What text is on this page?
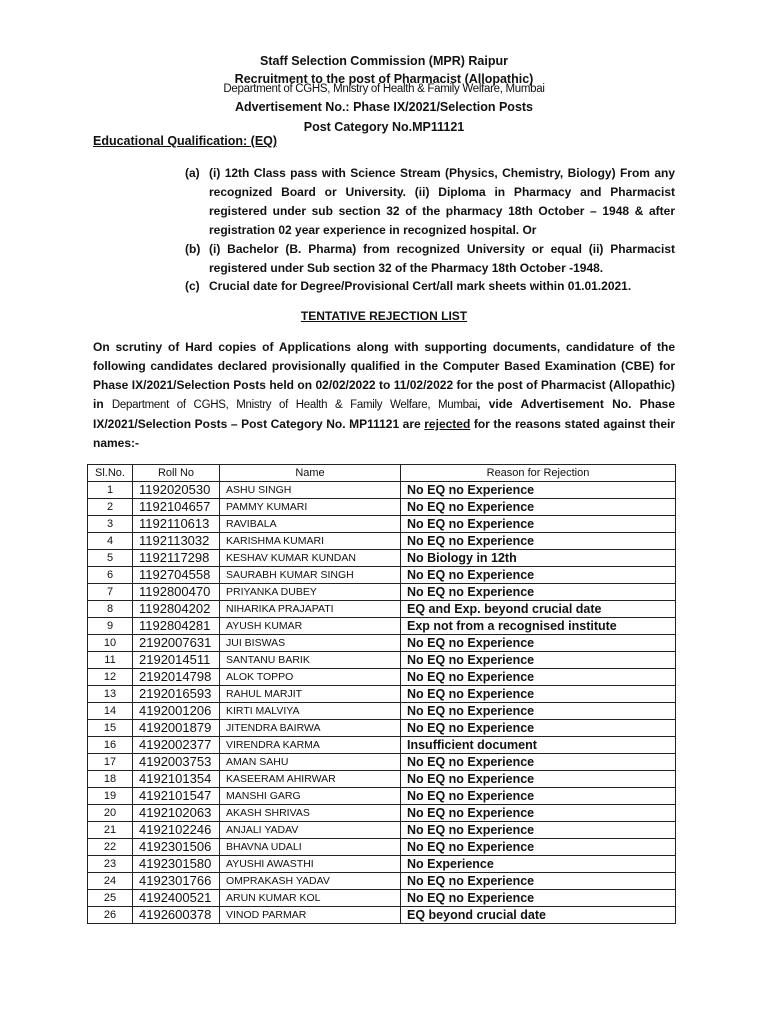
Staff Selection Commission (MPR) Raipur
Recruitment to the post of Pharmacist (Allopathic)
Department of CGHS, Mnistry of Health & Family Welfare, Mumbai
Advertisement No.: Phase IX/2021/Selection Posts
Post Category No.MP11121
Educational Qualification: (EQ)
(a) (i) 12th Class pass with Science Stream (Physics, Chemistry, Biology) From any recognized Board or University. (ii) Diploma in Pharmacy and Pharmacist registered under sub section 32 of the pharmacy 18th October – 1948 & after registration 02 year experience in recognized hospital. Or
(b) (i) Bachelor (B. Pharma) from recognized University or equal (ii) Pharmacist registered under Sub section 32 of the Pharmacy 18th October -1948.
(c) Crucial date for Degree/Provisional Cert/all mark sheets within 01.01.2021.
TENTATIVE REJECTION LIST
On scrutiny of Hard copies of Applications along with supporting documents, candidature of the following candidates declared provisionally qualified in the Computer Based Examination (CBE) for Phase IX/2021/Selection Posts held on 02/02/2022 to 11/02/2022 for the post of Pharmacist (Allopathic) in Department of CGHS, Mnistry of Health & Family Welfare, Mumbai, vide Advertisement No. Phase IX/2021/Selection Posts – Post Category No. MP11121 are rejected for the reasons stated against their names:-
Sl.No.	Roll No	Name	Reason for Rejection
1	1192020530	ASHU SINGH	No EQ no Experience
2	1192104657	PAMMY KUMARI	No EQ no Experience
3	1192110613	RAVIBALA	No EQ no Experience
4	1192113032	KARISHMA KUMARI	No EQ no Experience
5	1192117298	KESHAV KUMAR KUNDAN	No Biology in 12th
6	1192704558	SAURABH KUMAR SINGH	No EQ no Experience
7	1192800470	PRIYANKA DUBEY	No EQ no Experience
8	1192804202	NIHARIKA PRAJAPATI	EQ and Exp. beyond crucial date
9	1192804281	AYUSH KUMAR	Exp not from a recognised institute
10	2192007631	JUI BISWAS	No EQ no Experience
11	2192014511	SANTANU BARIK	No EQ no Experience
12	2192014798	ALOK TOPPO	No EQ no Experience
13	2192016593	RAHUL MARJIT	No EQ no Experience
14	4192001206	KIRTI MALVIYA	No EQ no Experience
15	4192001879	JITENDRA BAIRWA	No EQ no Experience
16	4192002377	VIRENDRA KARMA	Insufficient document
17	4192003753	AMAN SAHU	No EQ no Experience
18	4192101354	KASEERAM AHIRWAR	No EQ no Experience
19	4192101547	MANSHI GARG	No EQ no Experience
20	4192102063	AKASH SHRIVAS	No EQ no Experience
21	4192102246	ANJALI YADAV	No EQ no Experience
22	4192301506	BHAVNA UDALI	No EQ no Experience
23	4192301580	AYUSHI AWASTHI	No Experience
24	4192301766	OMPRAKASH YADAV	No EQ no Experience
25	4192400521	ARUN KUMAR KOL	No EQ no Experience
26	4192600378	VINOD PARMAR	EQ beyond crucial date
